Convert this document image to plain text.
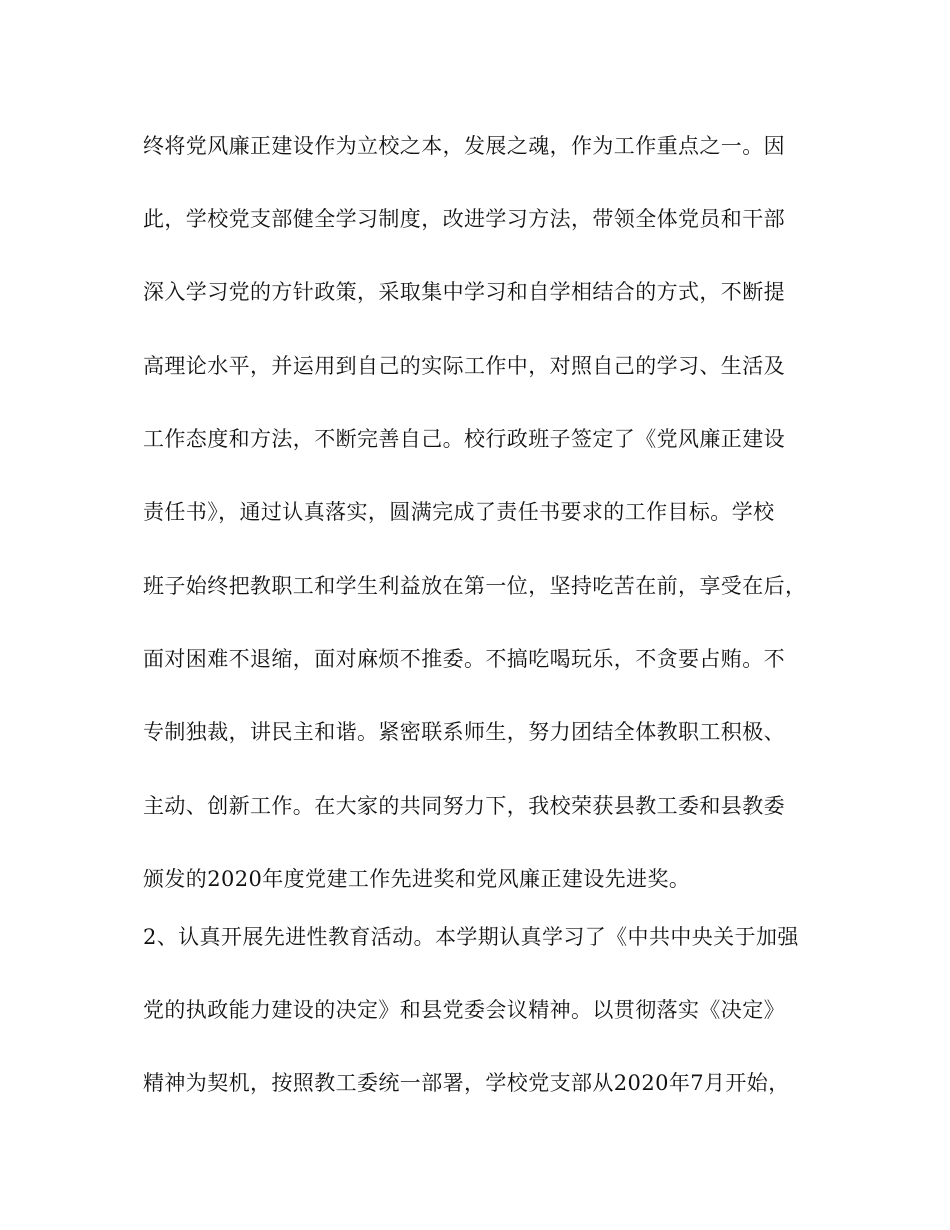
终将党风廉正建设作为立校之本，发展之魂，作为工作重点之一。因
此，学校党支部健全学习制度，改进学习方法，带领全体党员和干部
深入学习党的方针政策，采取集中学习和自学相结合的方式，不断提
高理论水平，并运用到自己的实际工作中，对照自己的学习、生活及
工作态度和方法，不断完善自己。校行政班子签定了《党风廉正建设
责任书》，通过认真落实，圆满完成了责任书要求的工作目标。学校
班子始终把教职工和学生利益放在第一位，坚持吃苦在前，享受在后，
面对困难不退缩，面对麻烦不推委。不搞吃喝玩乐，不贪要占贿。不
专制独裁，讲民主和谐。紧密联系师生，努力团结全体教职工积极、
主动、创新工作。在大家的共同努力下，我校荣获县教工委和县教委
颁发的2020年度党建工作先进奖和党风廉正建设先进奖。
2、认真开展先进性教育活动。本学期认真学习了《中共中央关于加强
党的执政能力建设的决定》和县党委会议精神。以贯彻落实《决定》
精神为契机，按照教工委统一部署，学校党支部从2020年7月开始，
